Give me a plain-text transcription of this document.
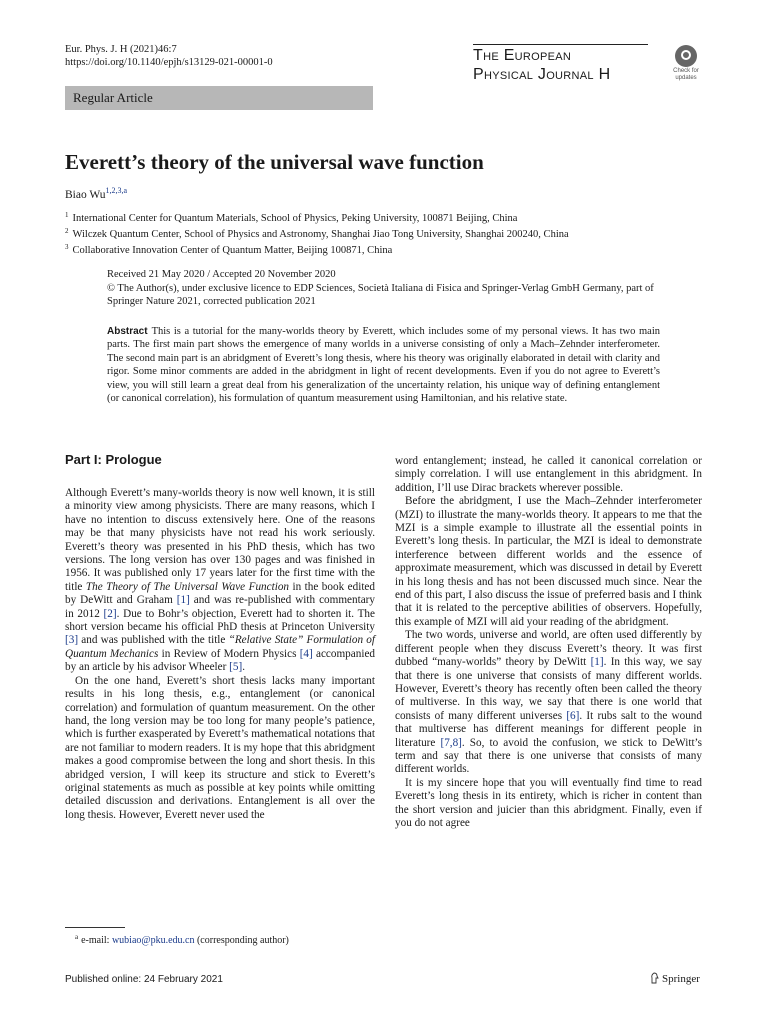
Eur. Phys. J. H (2021)46:7
https://doi.org/10.1140/epjh/s13129-021-00001-0	The European
Physical Journal H	Check for
updates
Regular Article
Everett’s theory of the universal wave function
Biao Wu$^{1,2,3,a}$
$^1$ International Center for Quantum Materials, School of Physics, Peking University, 100871 Beijing, China
$^2$ Wilczek Quantum Center, School of Physics and Astronomy, Shanghai Jiao Tong University, Shanghai 200240, China
$^3$ Collaborative Innovation Center of Quantum Matter, Beijing 100871, China
Received 21 May 2020 / Accepted 20 November 2020
© The Author(s), under exclusive licence to EDP Sciences, Società Italiana di Fisica and Springer-Verlag GmbH Germany, part of Springer Nature 2021, corrected publication 2021
Abstract This is a tutorial for the many-worlds theory by Everett, which includes some of my personal views. It has two main parts. The first main part shows the emergence of many worlds in a universe consisting of only a Mach–Zehnder interferometer. The second main part is an abridgment of Everett’s long thesis, where his theory was originally elaborated in detail with clarity and rigor. Some minor comments are added in the abridgment in light of recent developments. Even if you do not agree to Everett’s view, you will still learn a great deal from his generalization of the uncertainty relation, his unique way of defining entanglement (or canonical correlation), his formulation of quantum measurement using Hamiltonian, and his relative state.
Part I: Prologue

Although Everett’s many-worlds theory is now well known, it is still a minority view among physicists. There are many reasons, which I have no intention to discuss extensively here. One of the reasons may be that many physicists have not read his work seriously. Everett’s theory was presented in his PhD thesis, which has two versions. The long version has over 130 pages and was finished in 1956. It was published only 17 years later for the first time with the title The Theory of The Universal Wave Function in the book edited by DeWitt and Graham [1] and was re-published with commentary in 2012 [2]. Due to Bohr’s objection, Everett had to shorten it. The short version became his official PhD thesis at Princeton University [3] and was published with the title “Relative State” Formulation of Quantum Mechanics in Review of Modern Physics [4] accompanied by an article by his advisor Wheeler [5].

On the one hand, Everett’s short thesis lacks many important results in his long thesis, e.g., entanglement (or canonical correlation) and formulation of quantum measurement. On the other hand, the long version may be too long for many people’s patience, which is further exasperated by Everett’s mathematical notations that are not familiar to modern readers. It is my hope that this abridgment makes a good compromise between the long and short thesis. In this abridged version, I will keep its structure and stick to Everett’s original statements as much as possible at key points while omitting detailed discussion and derivations. Entanglement is all over the long thesis. However, Everett never used the

word entanglement; instead, he called it canonical correlation or simply correlation. I will use entanglement in this abridgment. In addition, I’ll use Dirac brackets wherever possible.

Before the abridgment, I use the Mach–Zehnder interferometer (MZI) to illustrate the many-worlds theory. It appears to me that the MZI is a simple example to illustrate all the essential points in Everett’s long thesis. In particular, the MZI is ideal to demonstrate interference between different worlds and the essence of approximate measurement, which was discussed in detail by Everett in his long thesis and has not been discussed much since. Near the end of this part, I also discuss the issue of preferred basis and I think that it is related to the perceptive abilities of observers. Hopefully, this example of MZI will aid your reading of the abridgment.

The two words, universe and world, are often used differently by different people when they discuss Everett’s theory. It was first dubbed “many-worlds” theory by DeWitt [1]. In this way, we say that there is one universe that consists of many different worlds. However, Everett’s theory has recently often been called the theory of multiverse. In this way, we say that there is one world that consists of many different universes [6]. It rubs salt to the wound that multiverse has different meanings for different people in literature [7,8]. So, to avoid the confusion, we stick to DeWitt’s term and say that there is one universe that consists of many different worlds.

It is my sincere hope that you will eventually find time to read Everett’s long thesis in its entirety, which is richer in content than the short version and juicier than this abridgment. Finally, even if you do not agree

$^a$ e-mail: wubiao@pku.edu.cn (corresponding author)
Published online: 24 February 2021	Springer
